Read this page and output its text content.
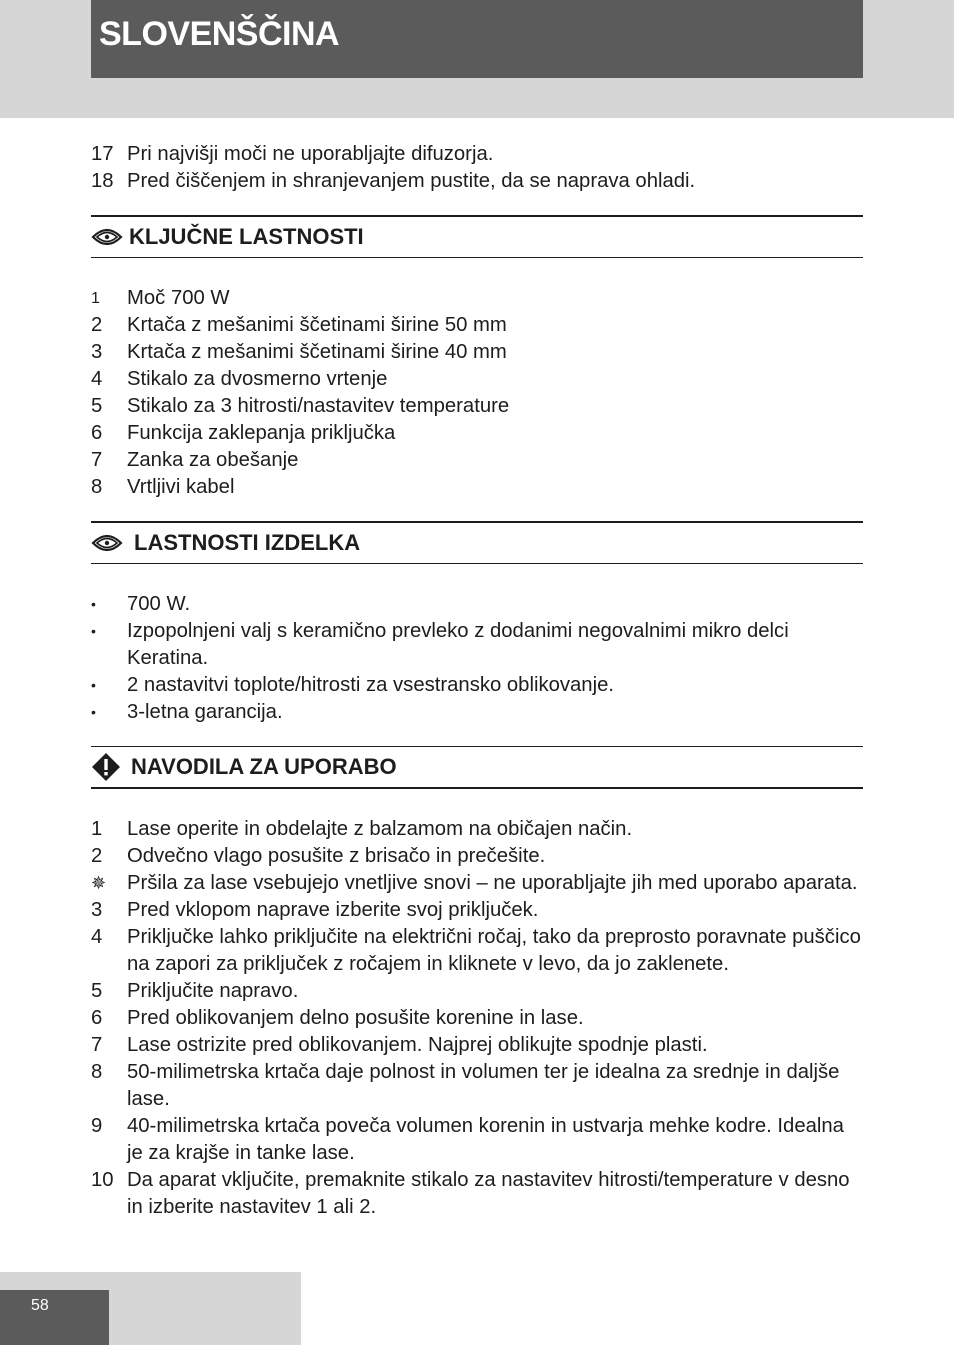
SLOVENŠČINA
17 Pri najvišji moči ne uporabljajte difuzorja.
18 Pred čiščenjem in shranjevanjem pustite, da se naprava ohladi.
KLJUČNE LASTNOSTI
1	Moč 700 W
2	Krtača z mešanimi ščetinami širine 50 mm
3	Krtača z mešanimi ščetinami širine 40 mm
4	Stikalo za dvosmerno vrtenje
5	Stikalo za 3 hitrosti/nastavitev temperature
6	Funkcija zaklepanja priključka
7	Zanka za obešanje
8	Vrtljivi kabel
LASTNOSTI IZDELKA
•	700 W.
•	Izpopolnjeni valj s keramično prevleko z dodanimi negovalnimi mikro delci Keratina.
•	2 nastavitvi toplote/hitrosti za vsestransko oblikovanje.
•	3-letna garancija.
NAVODILA ZA UPORABO
1	Lase operite in obdelajte z balzamom na običajen način.
2	Odvečno vlago posušite z brisačo in prečešite.
✵	Pršila za lase vsebujejo vnetljive snovi – ne uporabljajte jih med uporabo aparata.
3	Pred vklopom naprave izberite svoj priključek.
4	Priključke lahko priključite na električni ročaj, tako da preprosto poravnate puščico na zapori za priključek z ročajem in kliknete v levo, da jo zaklenete.
5	Priključite napravo.
6	Pred oblikovanjem delno posušite korenine in lase.
7	Lase ostrizite pred oblikovanjem. Najprej oblikujte spodnje plasti.
8	50-milimetrska krtača daje polnost in volumen ter je idealna za srednje in daljše lase.
9	40-milimetrska krtača poveča volumen korenin in ustvarja mehke kodre. Idealna je za krajše in tanke lase.
10 Da aparat vključite, premaknite stikalo za nastavitev hitrosti/temperature v desno in izberite nastavitev 1 ali 2.
58
